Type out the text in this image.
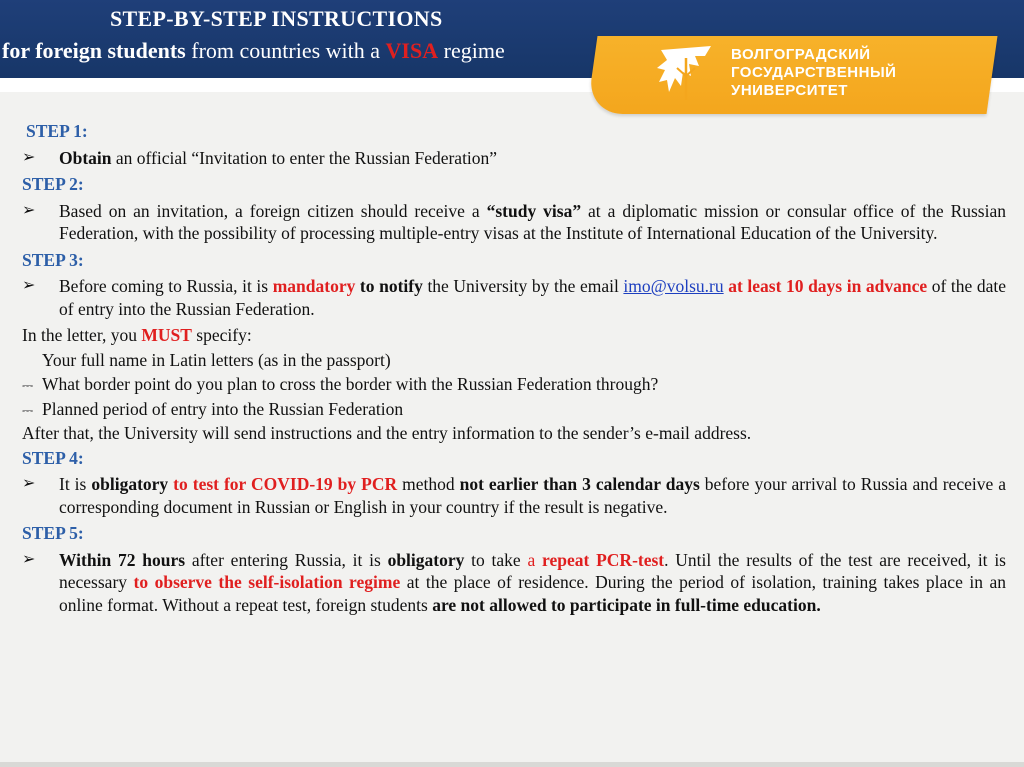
STEP-BY-STEP INSTRUCTIONS
for foreign students from countries with a VISA regime	ВОЛГОГРАДСКИЙ
ГОСУДАРСТВЕННЫЙ
УНИВЕРСИТЕТ

STEP 1:

➢ Obtain an official “Invitation to enter the Russian Federation”

STEP 2:

➢ Based on an invitation, a foreign citizen should receive a “study visa” at a diplomatic mission or consular office of the Russian Federation, with the possibility of processing multiple-entry visas at the Institute of International Education of the University.

STEP 3:

➢ Before coming to Russia, it is mandatory to notify the University by the email imo@volsu.ru at least 10 days in advance of the date of entry into the Russian Federation.
In the letter, you MUST specify:
Your full name in Latin letters (as in the passport)
⎓ What border point do you plan to cross the border with the Russian Federation through?
⎓ Planned period of entry into the Russian Federation
After that, the University will send instructions and the entry information to the sender’s e-mail address.

STEP 4:

➢ It is obligatory to test for COVID-19 by PCR method not earlier than 3 calendar days before your arrival to Russia and receive a corresponding document in Russian or English in your country if the result is negative.

STEP 5:

➢ Within 72 hours after entering Russia, it is obligatory to take a repeat PCR-test. Until the results of the test are received, it is necessary to observe the self-isolation regime at the place of residence. During the period of isolation, training takes place in an online format. Without a repeat test, foreign students are not allowed to participate in full-time education.
